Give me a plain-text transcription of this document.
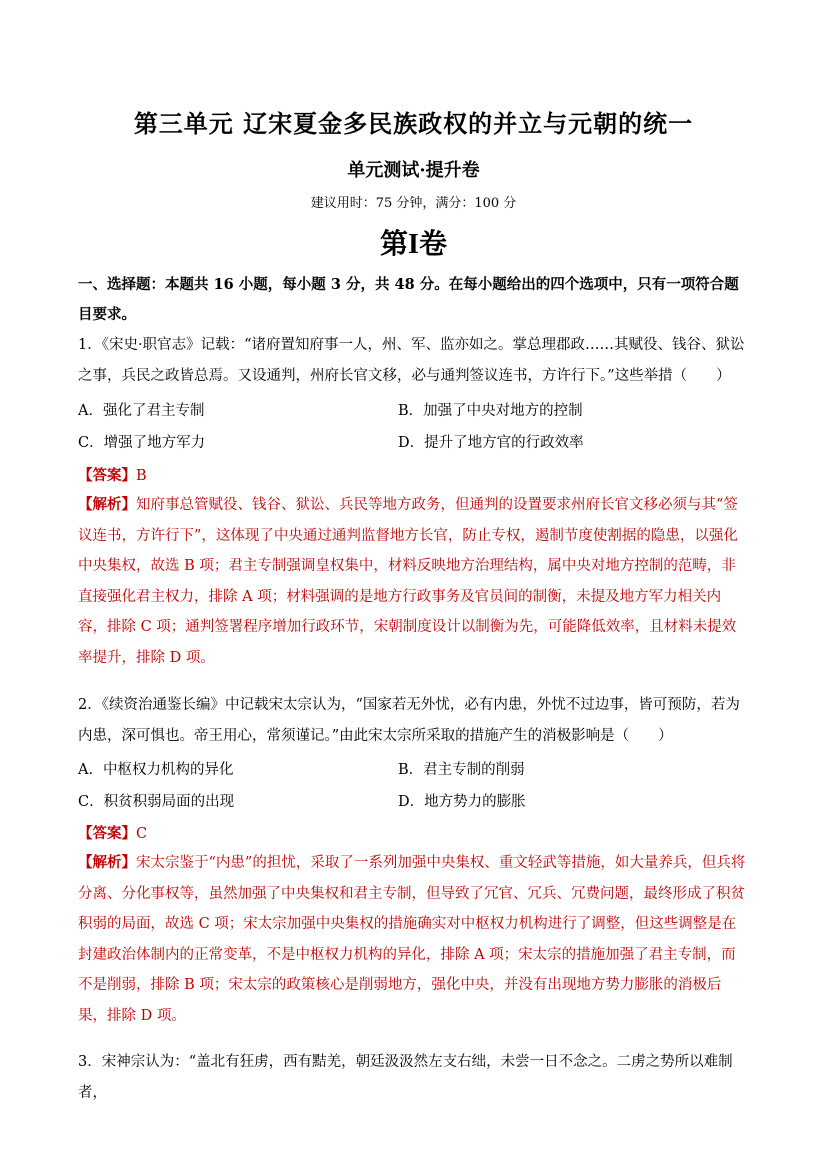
第三单元 辽宋夏金多民族政权的并立与元朝的统一
单元测试·提升卷
建议用时：75 分钟，满分：100 分
第I卷
一、选择题：本题共 16 小题，每小题 3 分，共 48 分。在每小题给出的四个选项中，只有一项符合题目要求。
1．《宋史·职官志》记载：“诸府置知府事一人，州、军、监亦如之。掌总理郡政……其赋役、钱谷、狱讼之事，兵民之政皆总焉。又设通判，州府长官文移，必与通判签议连书，方许行下。”这些举措（　　）
A．强化了君主专制	B．加强了中央对地方的控制
C．增强了地方军力	D．提升了地方官的行政效率
【答案】B
【解析】知府事总管赋役、钱谷、狱讼、兵民等地方政务，但通判的设置要求州府长官文移必须与其“签议连书，方许行下”，这体现了中央通过通判监督地方长官，防止专权，遏制节度使割据的隐患，以强化中央集权，故选 B 项；君主专制强调皇权集中，材料反映地方治理结构，属中央对地方控制的范畴，非直接强化君主权力，排除 A 项；材料强调的是地方行政事务及官员间的制衡，未提及地方军力相关内容，排除 C 项；通判签署程序增加行政环节，宋朝制度设计以制衡为先，可能降低效率，且材料未提效率提升，排除 D 项。
2．《续资治通鉴长编》中记载宋太宗认为，“国家若无外忧，必有内患，外忧不过边事，皆可预防，若为内患，深可惧也。帝王用心，常须谨记。”由此宋太宗所采取的措施产生的消极影响是（　　）
A．中枢权力机构的异化	B．君主专制的削弱
C．积贫积弱局面的出现	D．地方势力的膨胀
【答案】C
【解析】宋太宗鉴于“内患”的担忧，采取了一系列加强中央集权、重文轻武等措施，如大量养兵，但兵将分离、分化事权等，虽然加强了中央集权和君主专制，但导致了冗官、冗兵、冗费问题，最终形成了积贫积弱的局面，故选 C 项；宋太宗加强中央集权的措施确实对中枢权力机构进行了调整，但这些调整是在封建政治体制内的正常变革，不是中枢权力机构的异化，排除 A 项；宋太宗的措施加强了君主专制，而不是削弱，排除 B 项；宋太宗的政策核心是削弱地方，强化中央，并没有出现地方势力膨胀的消极后果，排除 D 项。
3．宋神宗认为：“盖北有狂虏，西有黠羌，朝廷汲汲然左支右绌，未尝一日不念之。二虏之势所以难制者，
